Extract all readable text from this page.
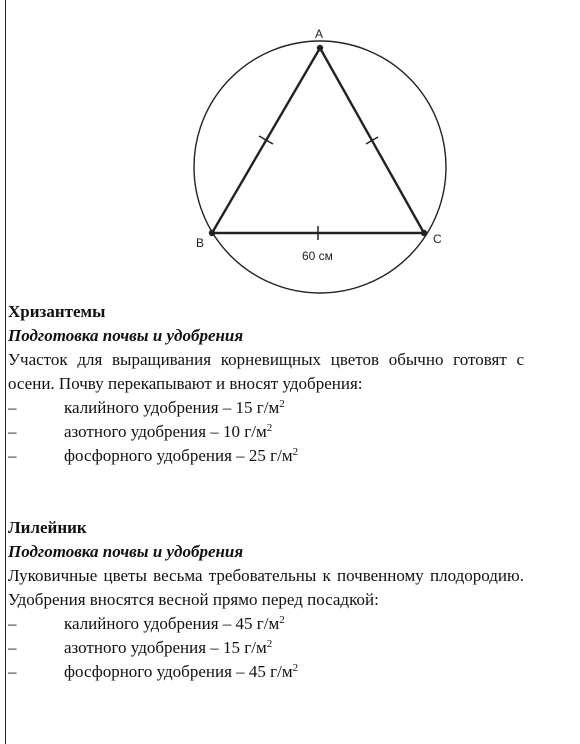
A
B	C
60 см
Хризантемы
Подготовка почвы и удобрения
Участок для выращивания корневищных цветов обычно готовят с осени. Почву перекапывают и вносят удобрения:
–	калийного удобрения – 15 $г/м^2$
–	азотного удобрения – 10 $г/м^2$
–	фосфорного удобрения – 25 $г/м^2$
Лилейник
Подготовка почвы и удобрения
Луковичные цветы весьма требовательны к почвенному плодородию. Удобрения вносятся весной прямо перед посадкой:
–	калийного удобрения – 45 $г/м^2$
–	азотного удобрения – 15 $г/м^2$
–	фосфорного удобрения – 45 $г/м^2$
